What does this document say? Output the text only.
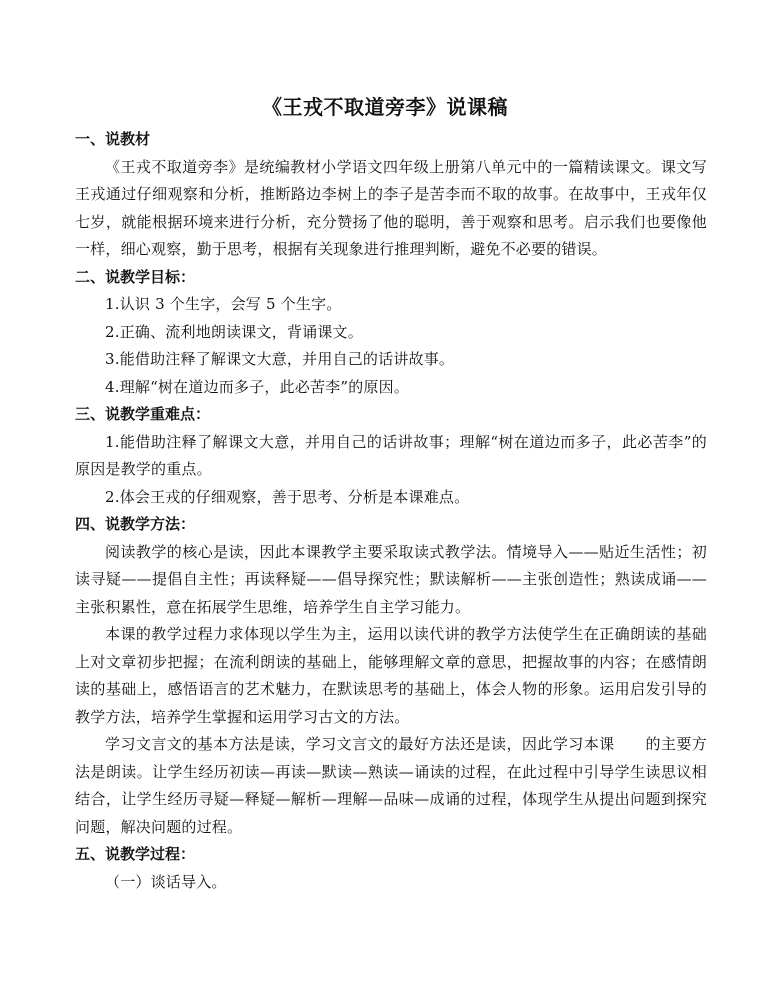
《王戎不取道旁李》说课稿
一、说教材

《王戎不取道旁李》是统编教材小学语文四年级上册第八单元中的一篇精读课文。课文写王戎通过仔细观察和分析，推断路边李树上的李子是苦李而不取的故事。在故事中，王戎年仅七岁，就能根据环境来进行分析，充分赞扬了他的聪明，善于观察和思考。启示我们也要像他一样，细心观察，勤于思考，根据有关现象进行推理判断，避免不必要的错误。

二、说教学目标：

1.认识 3 个生字，会写 5 个生字。

2.正确、流利地朗读课文，背诵课文。

3.能借助注释了解课文大意，并用自己的话讲故事。

4.理解“树在道边而多子，此必苦李”的原因。

三、说教学重难点：

1.能借助注释了解课文大意，并用自己的话讲故事；理解“树在道边而多子，此必苦李”的原因是教学的重点。

2.体会王戎的仔细观察，善于思考、分析是本课难点。

四、说教学方法：

阅读教学的核心是读，因此本课教学主要采取读式教学法。情境导入——贴近生活性；初读寻疑——提倡自主性；再读释疑——倡导探究性；默读解析——主张创造性；熟读成诵——主张积累性，意在拓展学生思维，培养学生自主学习能力。

本课的教学过程力求体现以学生为主，运用以读代讲的教学方法使学生在正确朗读的基础上对文章初步把握；在流利朗读的基础上，能够理解文章的意思，把握故事的内容；在感情朗读的基础上，感悟语言的艺术魅力，在默读思考的基础上，体会人物的形象。运用启发引导的教学方法，培养学生掌握和运用学习古文的方法。

学习文言文的基本方法是读，学习文言文的最好方法还是读，因此学习本课　　的主要方法是朗读。让学生经历初读—再读—默读—熟读—诵读的过程，在此过程中引导学生读思议相结合，让学生经历寻疑—释疑—解析—理解—品味—成诵的过程，体现学生从提出问题到探究问题，解决问题的过程。

五、说教学过程：

（一）谈话导入。
